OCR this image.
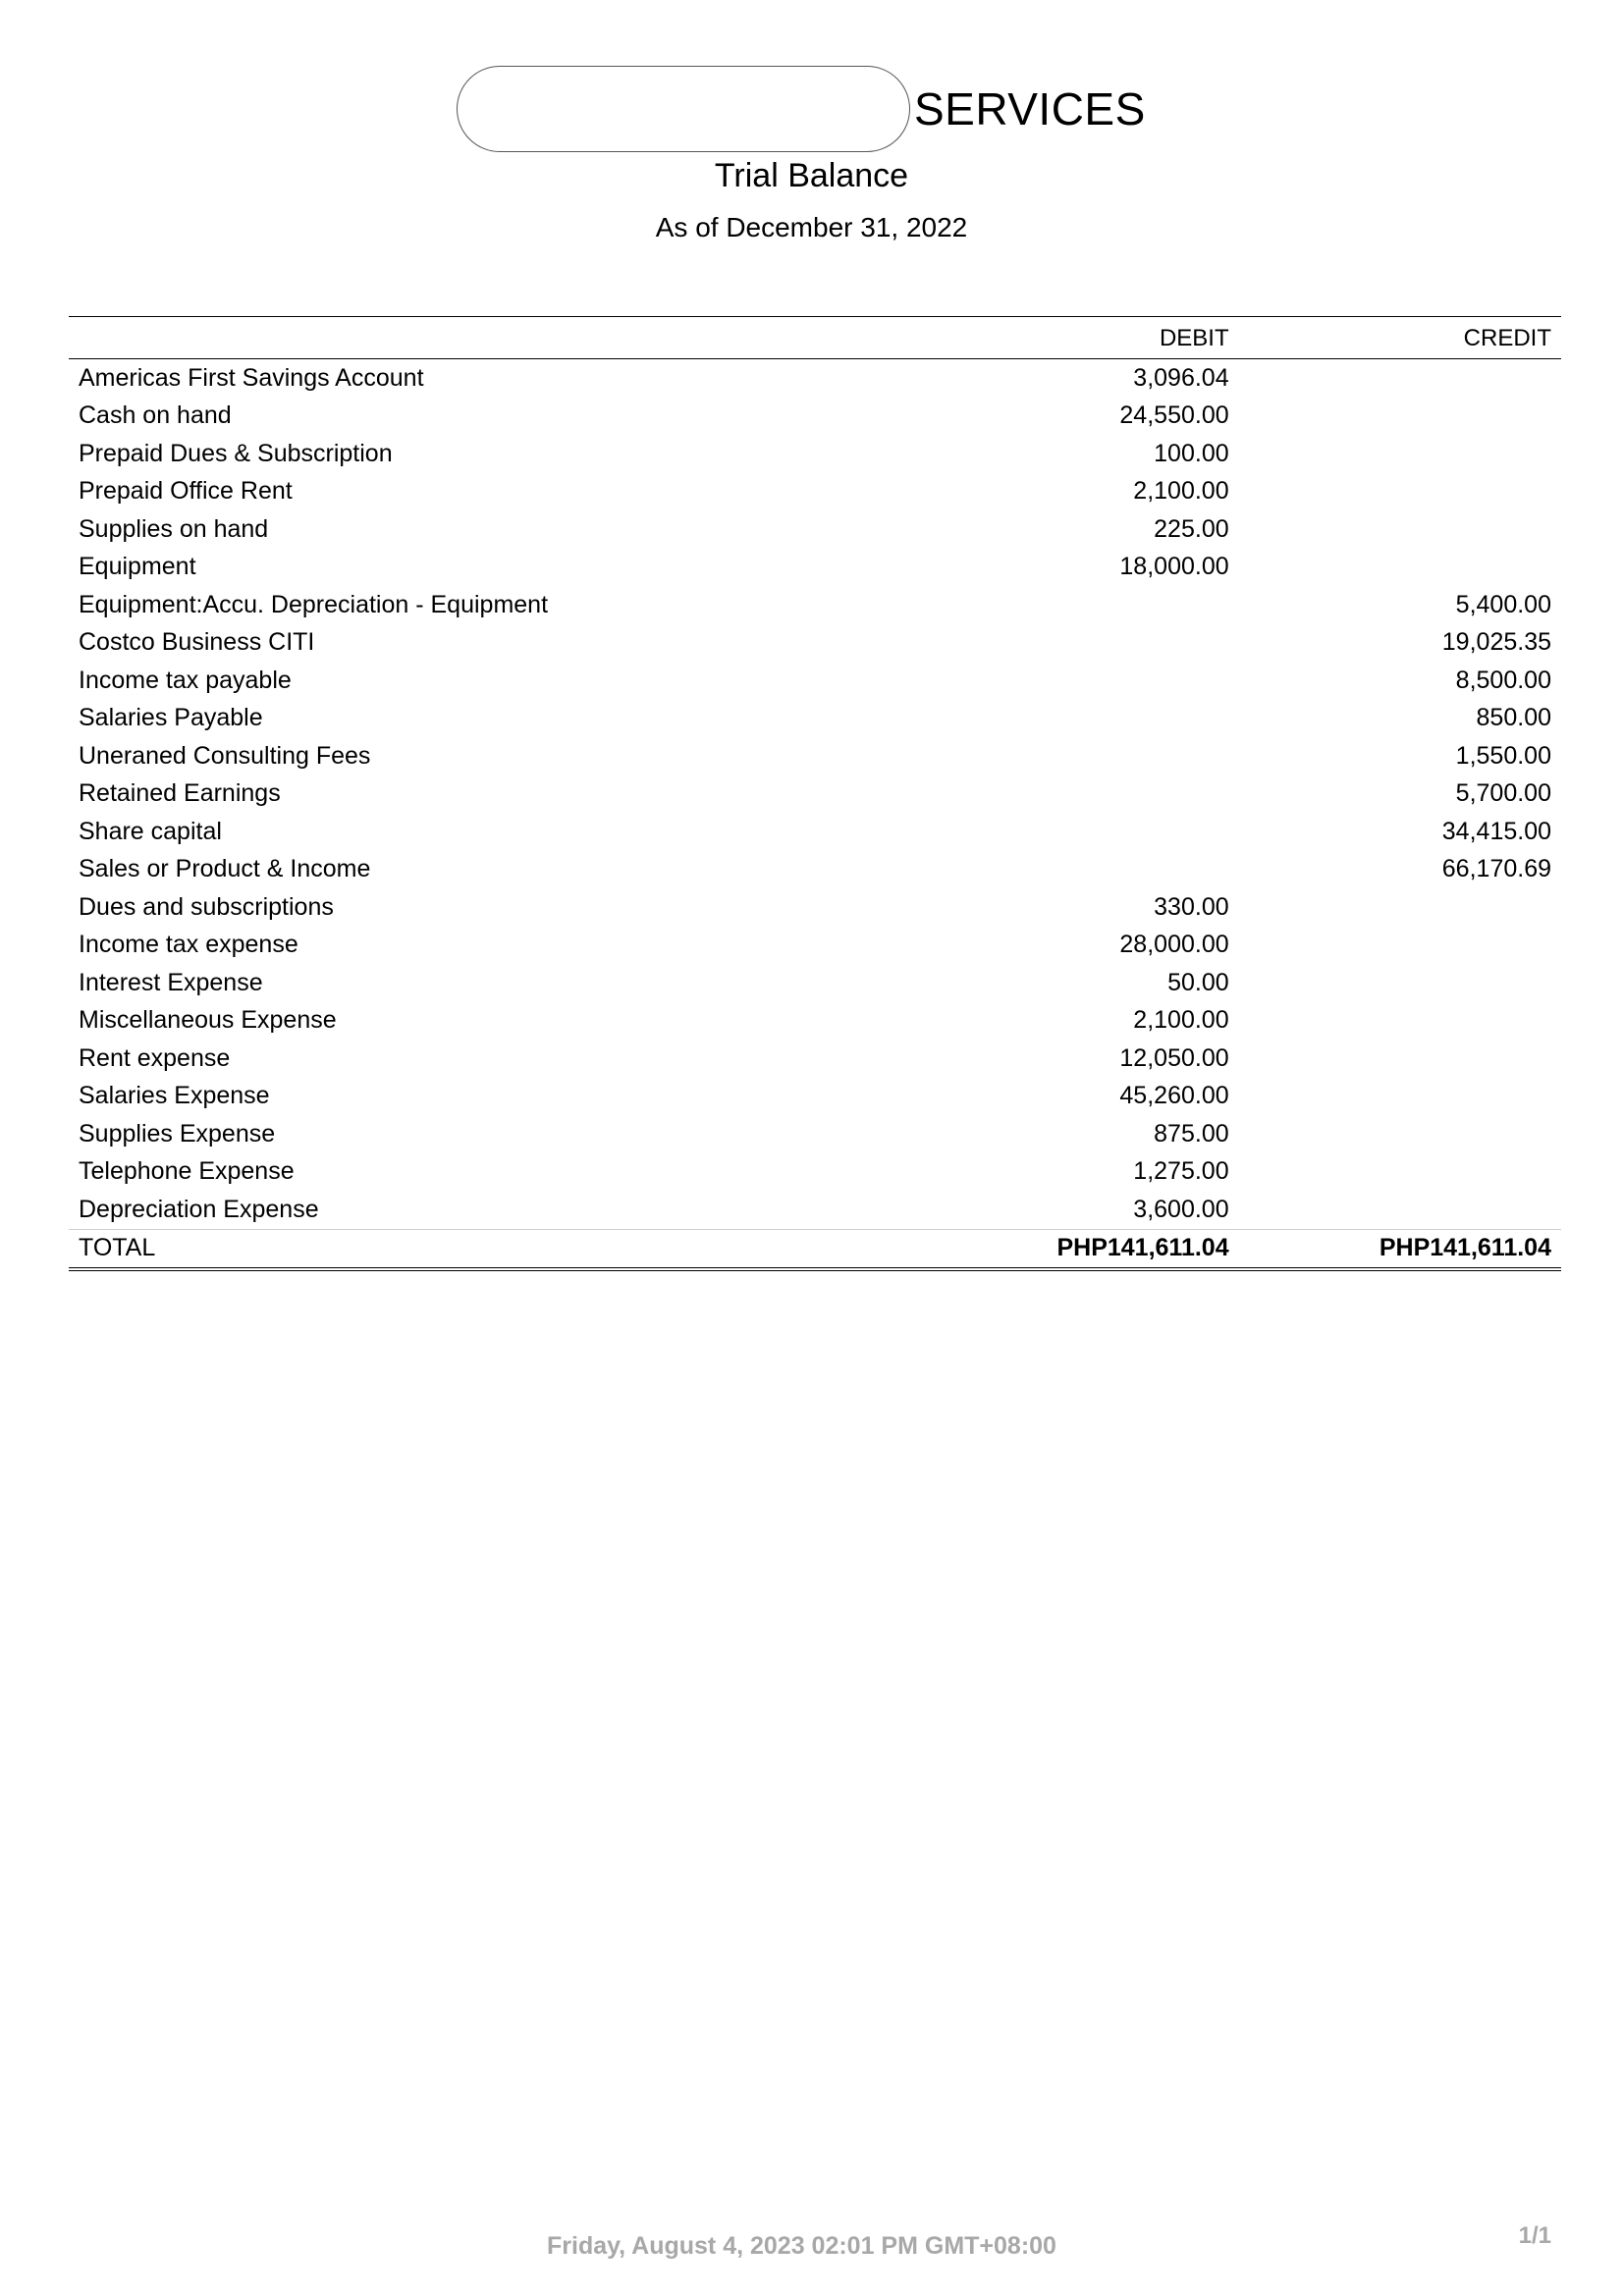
SERVICES
Trial Balance
As of December 31, 2022
	DEBIT	CREDIT
Americas First Savings Account	3,096.04	
Cash on hand	24,550.00	
Prepaid Dues & Subscription	100.00	
Prepaid Office Rent	2,100.00	
Supplies on hand	225.00	
Equipment	18,000.00	
Equipment:Accu. Depreciation - Equipment		5,400.00
Costco Business CITI		19,025.35
Income tax payable		8,500.00
Salaries Payable		850.00
Uneraned Consulting Fees		1,550.00
Retained Earnings		5,700.00
Share capital		34,415.00
Sales or Product & Income		66,170.69
Dues and subscriptions	330.00	
Income tax expense	28,000.00	
Interest Expense	50.00	
Miscellaneous Expense	2,100.00	
Rent expense	12,050.00	
Salaries Expense	45,260.00	
Supplies Expense	875.00	
Telephone Expense	1,275.00	
Depreciation Expense	3,600.00	
TOTAL	PHP141,611.04	PHP141,611.04
Friday, August 4, 2023 02:01 PM GMT+08:00	1/1
